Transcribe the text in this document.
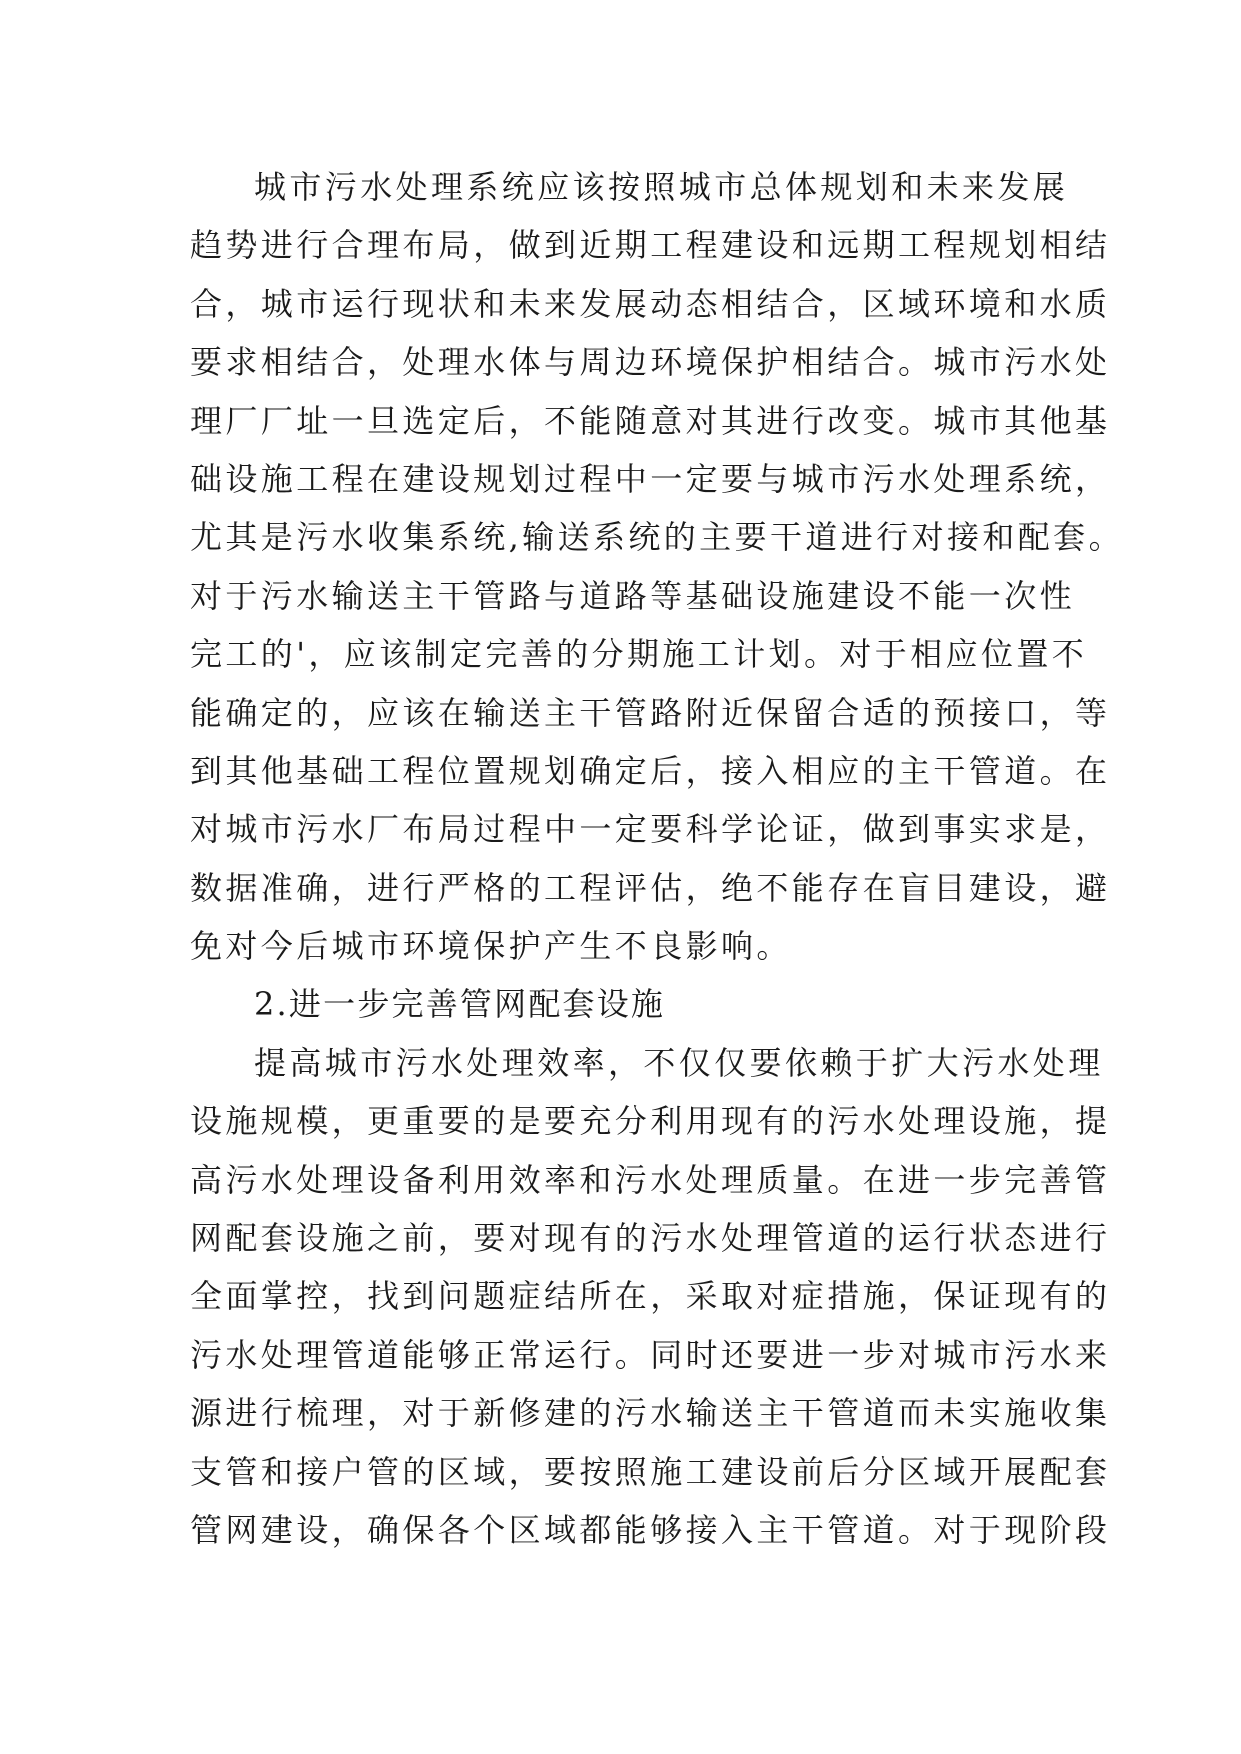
城市污水处理系统应该按照城市总体规划和未来发展
趋势进行合理布局，做到近期工程建设和远期工程规划相结
合，城市运行现状和未来发展动态相结合，区域环境和水质
要求相结合，处理水体与周边环境保护相结合。城市污水处
理厂厂址一旦选定后，不能随意对其进行改变。城市其他基
础设施工程在建设规划过程中一定要与城市污水处理系统，
尤其是污水收集系统,输送系统的主要干道进行对接和配套。
对于污水输送主干管路与道路等基础设施建设不能一次性
完工的'，应该制定完善的分期施工计划。对于相应位置不
能确定的，应该在输送主干管路附近保留合适的预接口，等
到其他基础工程位置规划确定后，接入相应的主干管道。在
对城市污水厂布局过程中一定要科学论证，做到事实求是，
数据准确，进行严格的工程评估，绝不能存在盲目建设，避
免对今后城市环境保护产生不良影响。
2.进一步完善管网配套设施
提高城市污水处理效率，不仅仅要依赖于扩大污水处理
设施规模，更重要的是要充分利用现有的污水处理设施，提
高污水处理设备利用效率和污水处理质量。在进一步完善管
网配套设施之前，要对现有的污水处理管道的运行状态进行
全面掌控，找到问题症结所在，采取对症措施，保证现有的
污水处理管道能够正常运行。同时还要进一步对城市污水来
源进行梳理，对于新修建的污水输送主干管道而未实施收集
支管和接户管的区域，要按照施工建设前后分区域开展配套
管网建设，确保各个区域都能够接入主干管道。对于现阶段
